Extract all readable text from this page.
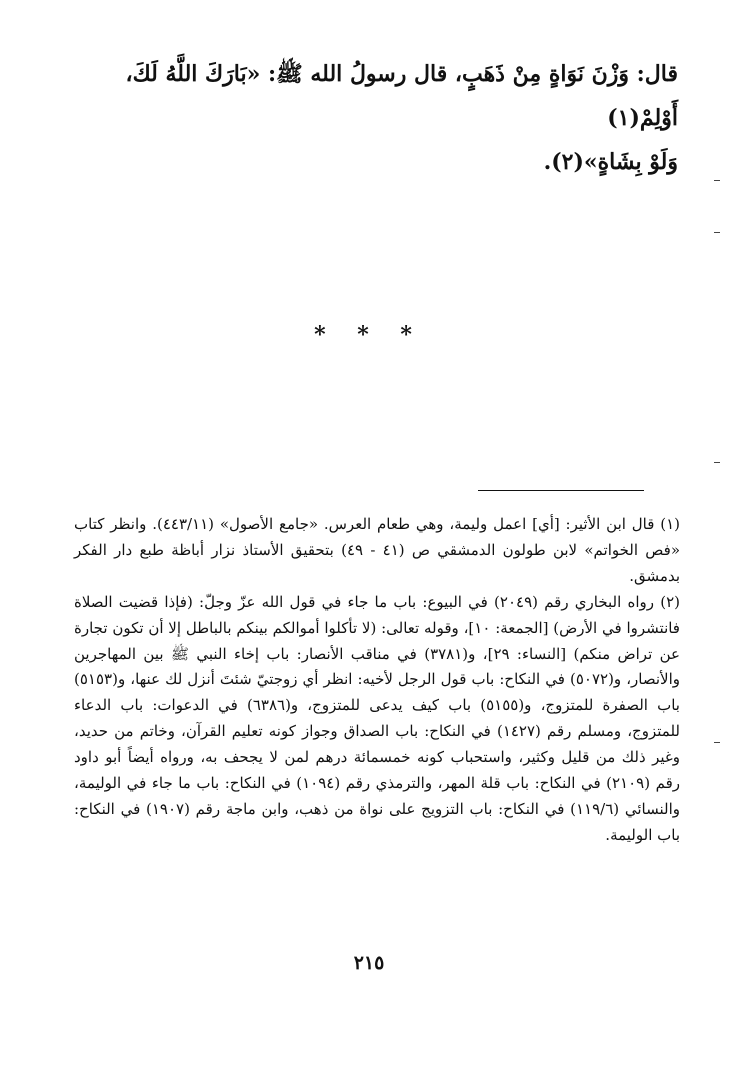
قال: وَزْنَ نَوَاةٍ مِنْ ذَهَبٍ، قال رسولُ الله ﷺ: «بَارَكَ اللَّهُ لَكَ، أَوْلِمْ(١)

وَلَوْ بِشَاةٍ»(٢).

* * *

(١) قال ابن الأثير: [أي] اعمل وليمة، وهي طعام العرس. «جامع الأصول» (٤٤٣/١١). وانظر كتاب «فص الخواتم» لابن طولون الدمشقي ص (٤١ - ٤٩) بتحقيق الأستاذ نزار أباظة طبع دار الفكر بدمشق.

(٢) رواه البخاري رقم (٢٠٤٩) في البيوع: باب ما جاء في قول الله عزّ وجلّ: (فإذا قضيت الصلاة فانتشروا في الأرض) [الجمعة: ١٠]، وقوله تعالى: (لا تأكلوا أموالكم بينكم بالباطل إلا أن تكون تجارة عن تراض منكم) [النساء: ٢٩]، و(٣٧٨١) في مناقب الأنصار: باب إخاء النبي ﷺ بين المهاجرين والأنصار، و(٥٠٧٢) في النكاح: باب قول الرجل لأخيه: انظر أي زوجتيّ شئتَ أنزل لك عنها، و(٥١٥٣) باب الصفرة للمتزوج، و(٥١٥٥) باب كيف يدعى للمتزوج، و(٦٣٨٦) في الدعوات: باب الدعاء للمتزوج، ومسلم رقم (١٤٢٧) في النكاح: باب الصداق وجواز كونه تعليم القرآن، وخاتم من حديد، وغير ذلك من قليل وكثير، واستحباب كونه خمسمائة درهم لمن لا يجحف به، ورواه أيضاً أبو داود رقم (٢١٠٩) في النكاح: باب قلة المهر، والترمذي رقم (١٠٩٤) في النكاح: باب ما جاء في الوليمة، والنسائي (١١٩/٦) في النكاح: باب التزويج على نواة من ذهب، وابن ماجة رقم (١٩٠٧) في النكاح: باب الوليمة.

٢١٥
